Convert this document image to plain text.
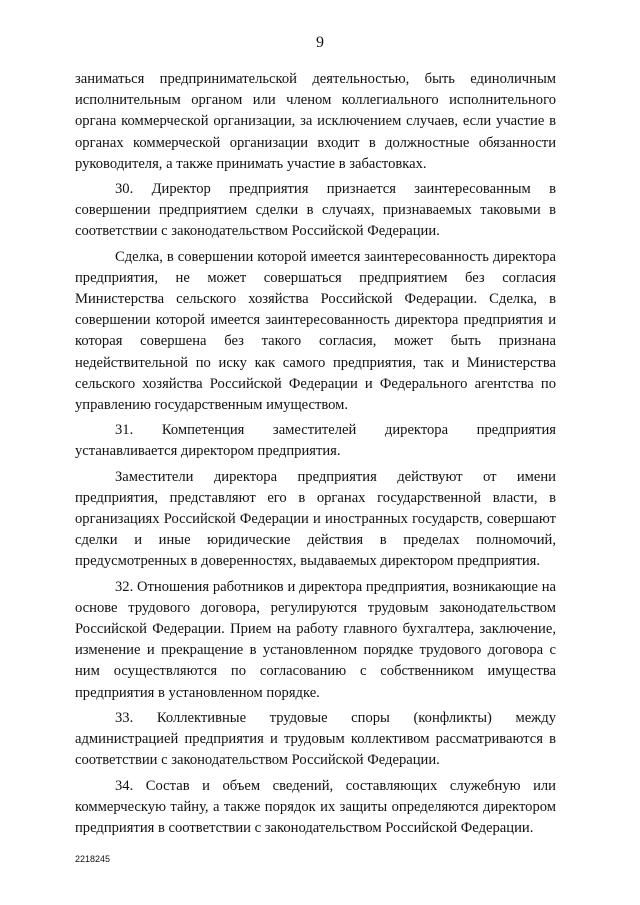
9

заниматься предпринимательской деятельностью, быть единоличным исполнительным органом или членом коллегиального исполнительного органа коммерческой организации, за исключением случаев, если участие в органах коммерческой организации входит в должностные обязанности руководителя, а также принимать участие в забастовках.

30. Директор предприятия признается заинтересованным в совершении предприятием сделки в случаях, признаваемых таковыми в соответствии с законодательством Российской Федерации.

Сделка, в совершении которой имеется заинтересованность директора предприятия, не может совершаться предприятием без согласия Министерства сельского хозяйства Российской Федерации. Сделка, в совершении которой имеется заинтересованность директора предприятия и которая совершена без такого согласия, может быть признана недействительной по иску как самого предприятия, так и Министерства сельского хозяйства Российской Федерации и Федерального агентства по управлению государственным имуществом.

31. Компетенция заместителей директора предприятия устанавливается директором предприятия.

Заместители директора предприятия действуют от имени предприятия, представляют его в органах государственной власти, в организациях Российской Федерации и иностранных государств, совершают сделки и иные юридические действия в пределах полномочий, предусмотренных в доверенностях, выдаваемых директором предприятия.

32. Отношения работников и директора предприятия, возникающие на основе трудового договора, регулируются трудовым законодательством Российской Федерации. Прием на работу главного бухгалтера, заключение, изменение и прекращение в установленном порядке трудового договора с ним осуществляются по согласованию с собственником имущества предприятия в установленном порядке.

33. Коллективные трудовые споры (конфликты) между администрацией предприятия и трудовым коллективом рассматриваются в соответствии с законодательством Российской Федерации.

34. Состав и объем сведений, составляющих служебную или коммерческую тайну, а также порядок их защиты определяются директором предприятия в соответствии с законодательством Российской Федерации.

2218245
